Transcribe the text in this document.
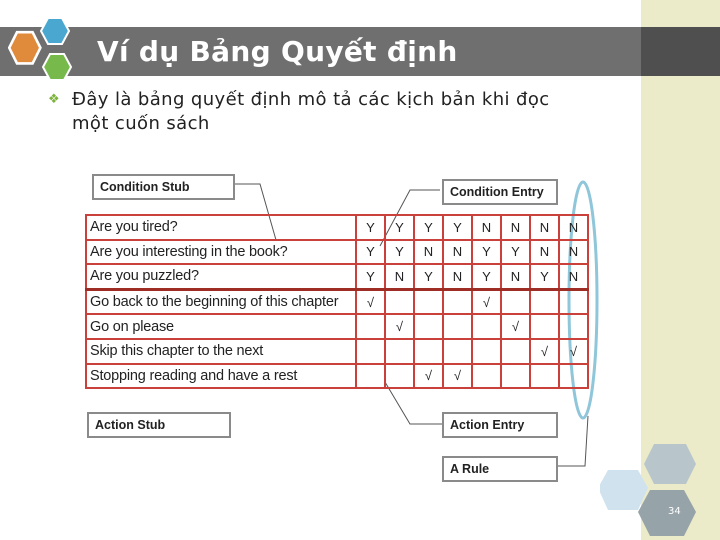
Ví dụ Bảng Quyết định
❖ Đây là bảng quyết định mô tả các kịch bản khi đọc
một cuốn sách
Condition Stub	Condition Entry
Are you tired?	Y	Y	Y	Y	N	N	N	N
Are you interesting in the book?	Y	Y	N	N	Y	Y	N	N
Are you puzzled?	Y	N	Y	N	Y	N	Y	N
Go back to the beginning of this chapter	√				√			
Go on please		√				√		
Skip this chapter to the next							√	√
Stopping reading and have a rest			√	√				
Action Stub	Action Entry
A Rule
34
